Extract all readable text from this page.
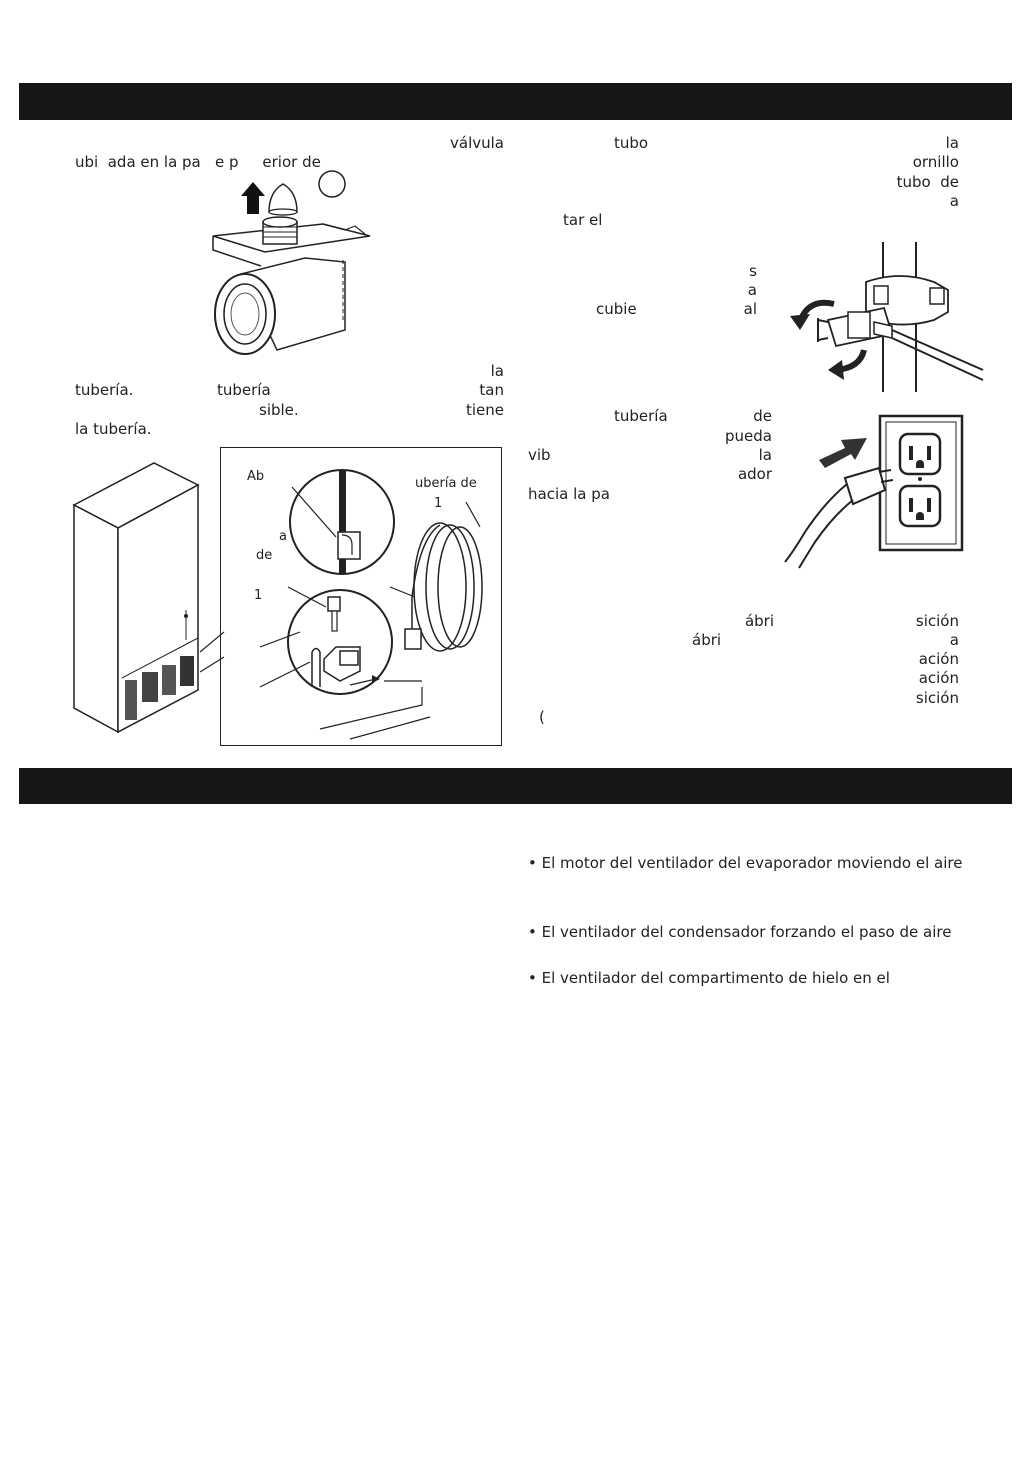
válvula
ubi  ada en la pa   e p     erior de
la
tubería.	tubería	tan
sible.	tiene
la tubería.
Ab	ubería de
1
a
de
1
tubo	la
ornillo
tubo  de
a
tar el
s
a
cubie	al
tubería	de
pueda
vib	la
ador
hacia la pa
ábri	sición
ábri	a
ación
ación
sición
(
• El motor del ventilador del evaporador moviendo el aire
• El ventilador del condensador forzando el paso de aire
• El ventilador del compartimento de hielo en el
